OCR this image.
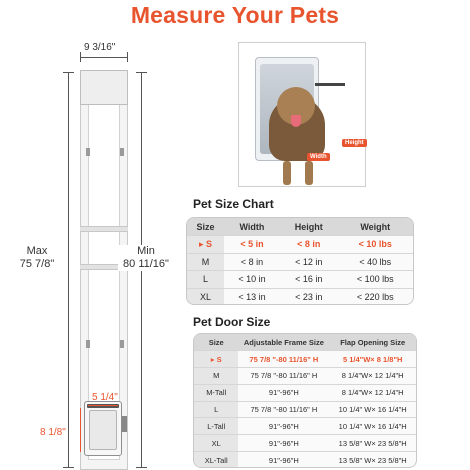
Measure Your Pets
9 3/16"
Max
75 7/8"
Min
80 11/16"
5 1/4"
8 1/8"
Width
Height
Pet Size Chart
Size	Width	Height	Weight
▸ S	< 5 in	< 8 in	< 10 lbs
M	< 8 in	< 12 in	< 40 lbs
L	< 10 in	< 16 in	< 100 lbs
XL	< 13 in	< 23 in	< 220 lbs
Pet Door Size
Size	Adjustable Frame Size	Flap Opening Size
▸ S	75 7/8 "-80 11/16" H	5 1/4"W× 8 1/8"H
M	75 7/8 "-80 11/16" H	8 1/4"W× 12 1/4"H
M-Tall	91"-96"H	8 1/4"W× 12 1/4"H
L	75 7/8 "-80 11/16" H	10 1/4" W× 16 1/4"H
L-Tall	91"-96"H	10 1/4" W× 16 1/4"H
XL	91"-96"H	13 5/8" W× 23 5/8"H
XL-Tall	91"-96"H	13 5/8" W× 23 5/8"H
